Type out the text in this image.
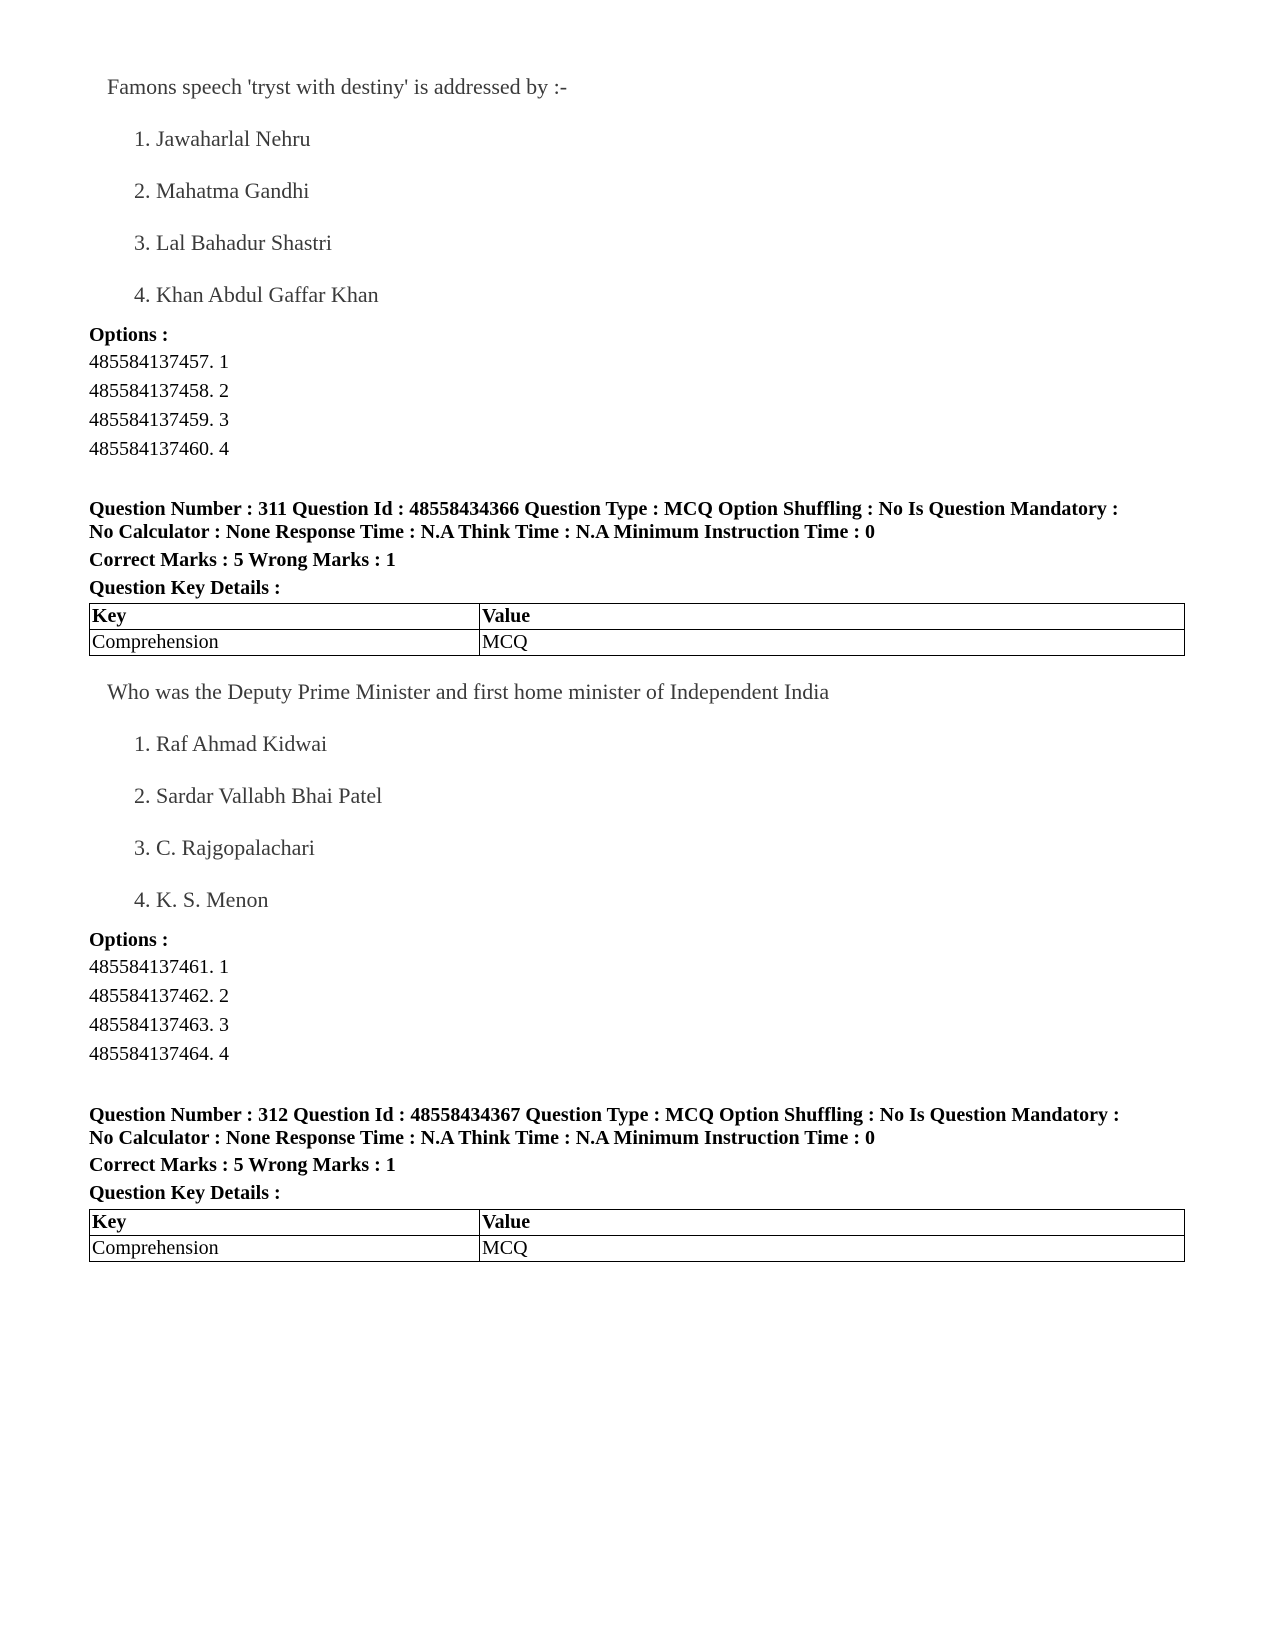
Famons speech 'tryst with destiny' is addressed by :-
1. Jawaharlal Nehru
2. Mahatma Gandhi
3. Lal Bahadur Shastri
4. Khan Abdul Gaffar Khan
Options :
485584137457. 1
485584137458. 2
485584137459. 3
485584137460. 4
Question Number : 311 Question Id : 48558434366 Question Type : MCQ Option Shuffling : No Is Question Mandatory :
No Calculator : None Response Time : N.A Think Time : N.A Minimum Instruction Time : 0
Correct Marks : 5 Wrong Marks : 1
Question Key Details :
Key	Value
Comprehension	MCQ
Who was the Deputy Prime Minister and first home minister of Independent India
1. Raf Ahmad Kidwai
2. Sardar Vallabh Bhai Patel
3. C. Rajgopalachari
4. K. S. Menon
Options :
485584137461. 1
485584137462. 2
485584137463. 3
485584137464. 4
Question Number : 312 Question Id : 48558434367 Question Type : MCQ Option Shuffling : No Is Question Mandatory :
No Calculator : None Response Time : N.A Think Time : N.A Minimum Instruction Time : 0
Correct Marks : 5 Wrong Marks : 1
Question Key Details :
Key	Value
Comprehension	MCQ
